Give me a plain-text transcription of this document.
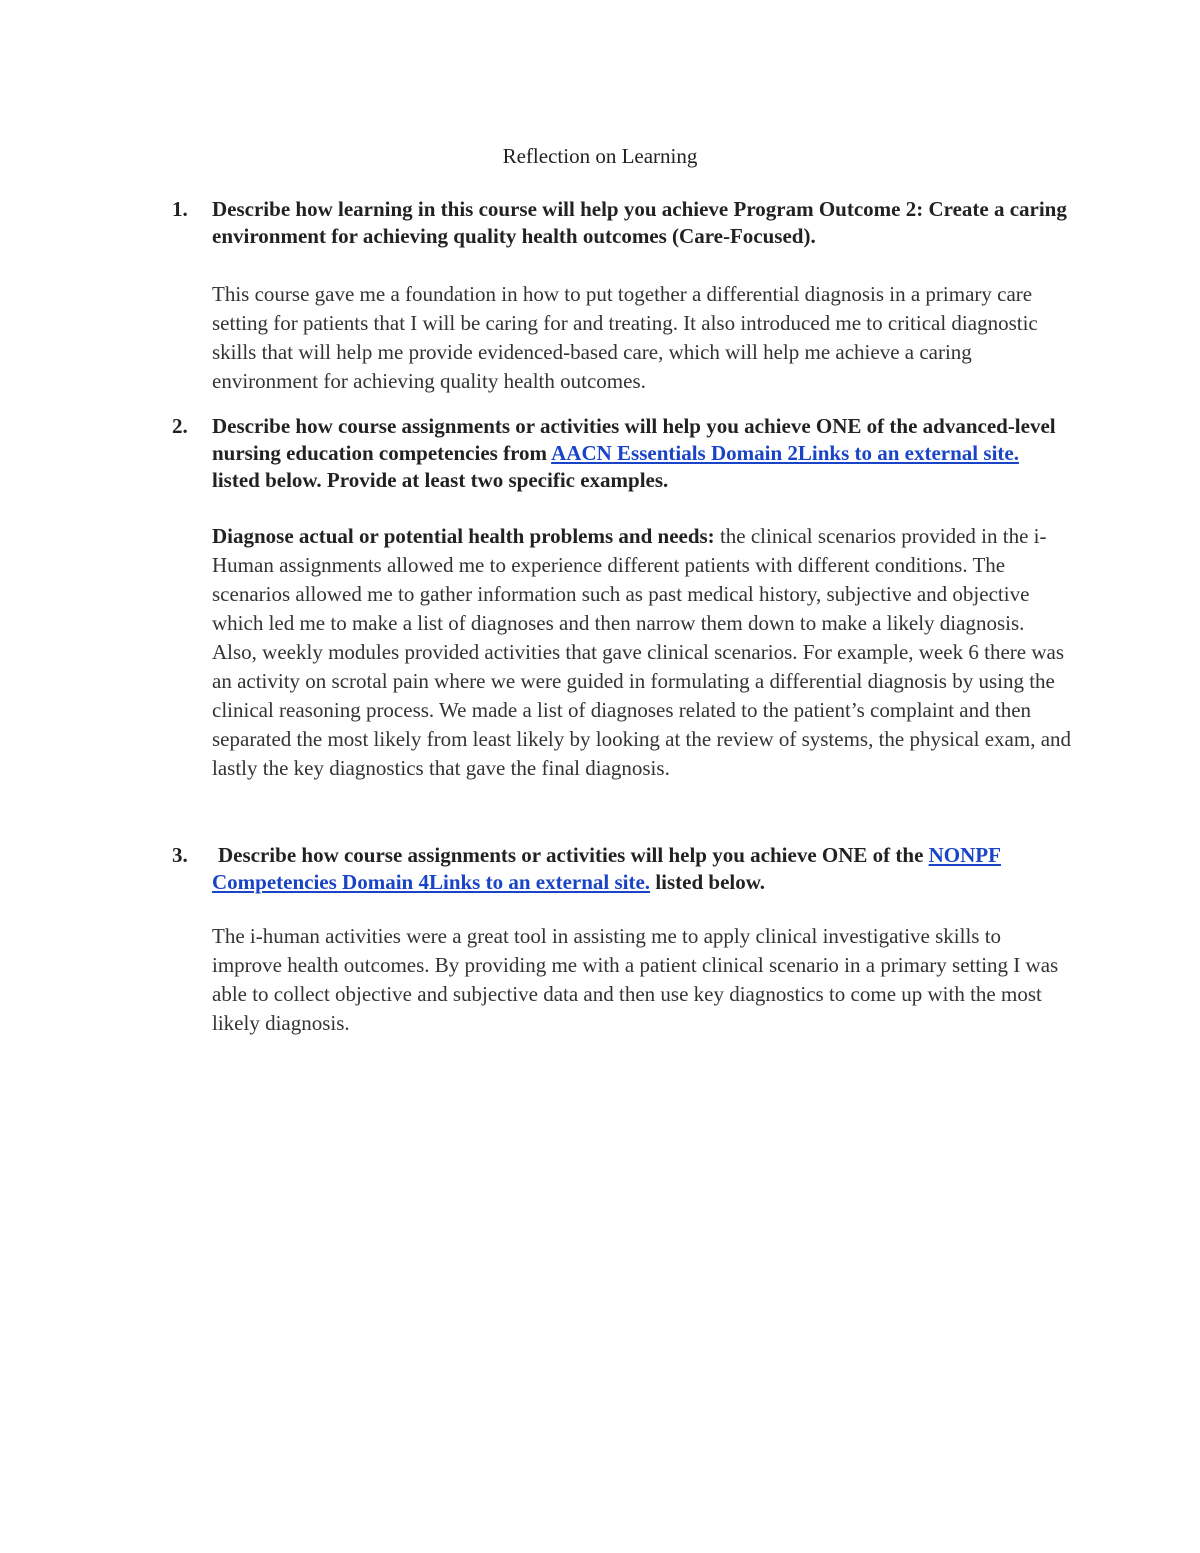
Reflection on Learning
1. Describe how learning in this course will help you achieve Program Outcome 2: Create a caring environment for achieving quality health outcomes (Care-Focused).
This course gave me a foundation in how to put together a differential diagnosis in a primary care setting for patients that I will be caring for and treating. It also introduced me to critical diagnostic skills that will help me provide evidenced-based care, which will help me achieve a caring environment for achieving quality health outcomes.
2. Describe how course assignments or activities will help you achieve ONE of the advanced-level nursing education competencies from AACN Essentials Domain 2Links to an external site. listed below. Provide at least two specific examples.
Diagnose actual or potential health problems and needs: the clinical scenarios provided in the i-Human assignments allowed me to experience different patients with different conditions. The scenarios allowed me to gather information such as past medical history, subjective and objective which led me to make a list of diagnoses and then narrow them down to make a likely diagnosis. Also, weekly modules provided activities that gave clinical scenarios. For example, week 6 there was an activity on scrotal pain where we were guided in formulating a differential diagnosis by using the clinical reasoning process. We made a list of diagnoses related to the patient’s complaint and then separated the most likely from least likely by looking at the review of systems, the physical exam, and lastly the key diagnostics that gave the final diagnosis.
3. Describe how course assignments or activities will help you achieve ONE of the NONPF Competencies Domain 4Links to an external site. listed below.
The i-human activities were a great tool in assisting me to apply clinical investigative skills to improve health outcomes. By providing me with a patient clinical scenario in a primary setting I was able to collect objective and subjective data and then use key diagnostics to come up with the most likely diagnosis.
